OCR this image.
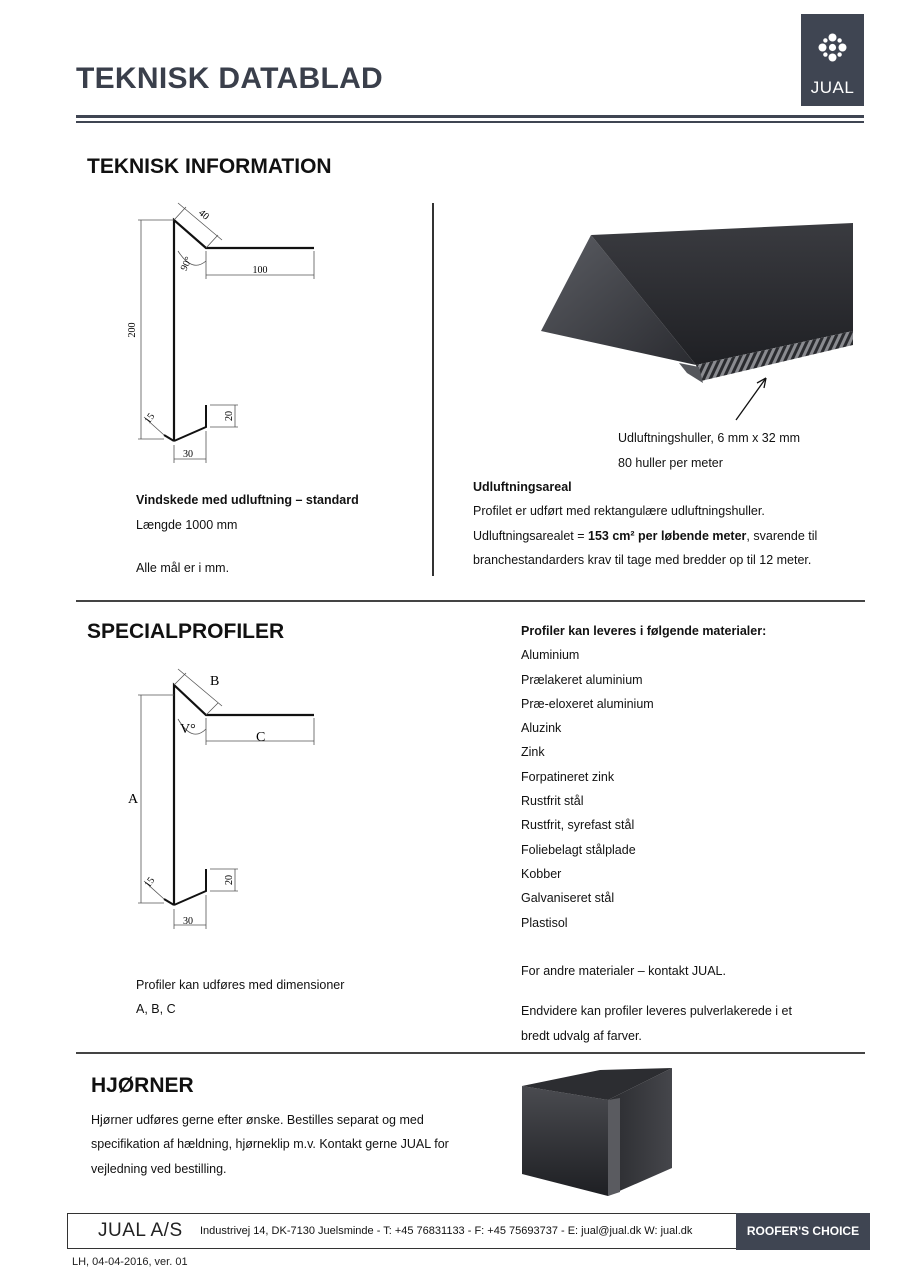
TEKNISK DATABLAD	JUAL
TEKNISK INFORMATION
100
40
90°
200
15	20
30
Udluftningshuller, 6 mm x 32 mm
80 huller per meter
Vindskede med udluftning – standard
Længde 1000 mm
Alle mål er i mm.
Udluftningsareal
Profilet er udført med rektangulære udluftningshuller.
Udluftningsarealet = 153 cm² per løbende meter, svarende til
branchestandarders krav til tage med bredder op til 12 meter.
SPECIALPROFILER
B
V°
C
A
15	20
30
Profiler kan udføres med dimensioner
A, B, C
Profiler kan leveres i følgende materialer:
Aluminium
Prælakeret aluminium
Præ-eloxeret aluminium
Aluzink
Zink
Forpatineret zink
Rustfrit stål
Rustfrit, syrefast stål
Foliebelagt stålplade
Kobber
Galvaniseret stål
Plastisol
For andre materialer – kontakt JUAL.
Endvidere kan profiler leveres pulverlakerede i et
bredt udvalg af farver.
HJØRNER
Hjørner udføres gerne efter ønske. Bestilles separat og med
specifikation af hældning, hjørneklip m.v. Kontakt gerne JUAL for
vejledning ved bestilling.
JUAL A/S Industrivej 14, DK-7130 Juelsminde - T: +45 76831133 - F: +45 75693737 - E: jual@jual.dk W: jual.dk	ROOFER'S CHOICE
LH, 04-04-2016, ver. 01
